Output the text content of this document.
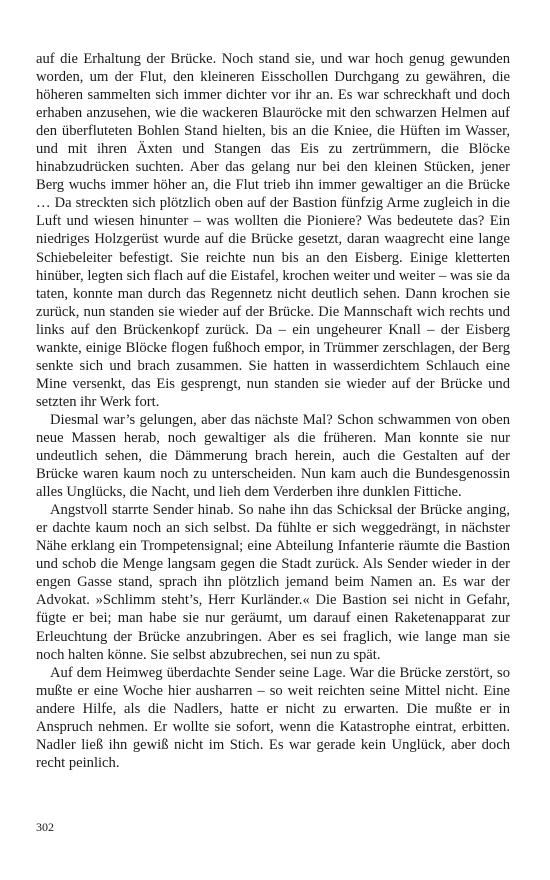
auf die Erhaltung der Brücke. Noch stand sie, und war hoch genug gewunden worden, um der Flut, den kleineren Eisschollen Durchgang zu gewähren, die höheren sammelten sich immer dichter vor ihr an. Es war schreckhaft und doch erhaben anzusehen, wie die wackeren Blauröcke mit den schwarzen Helmen auf den überfluteten Bohlen Stand hielten, bis an die Kniee, die Hüften im Wasser, und mit ihren Äxten und Stangen das Eis zu zertrümmern, die Blöcke hinabzudrücken suchten. Aber das gelang nur bei den kleinen Stücken, jener Berg wuchs immer höher an, die Flut trieb ihn immer gewaltiger an die Brücke … Da streckten sich plötzlich oben auf der Bastion fünfzig Arme zugleich in die Luft und wiesen hinunter – was wollten die Pioniere? Was bedeutete das? Ein niedriges Holzgerüst wurde auf die Brücke gesetzt, daran waagrecht eine lange Schiebeleiter befestigt. Sie reichte nun bis an den Eisberg. Einige kletterten hinüber, legten sich flach auf die Eistafel, krochen weiter und weiter – was sie da taten, konnte man durch das Regennetz nicht deutlich sehen. Dann krochen sie zurück, nun standen sie wieder auf der Brücke. Die Mannschaft wich rechts und links auf den Brückenkopf zurück. Da – ein ungeheurer Knall – der Eisberg wankte, einige Blöcke flogen fußhoch empor, in Trümmer zerschlagen, der Berg senkte sich und brach zusammen. Sie hatten in wasserdichtem Schlauch eine Mine versenkt, das Eis gesprengt, nun standen sie wieder auf der Brücke und setzten ihr Werk fort.

Diesmal war’s gelungen, aber das nächste Mal? Schon schwammen von oben neue Massen herab, noch gewaltiger als die früheren. Man konnte sie nur undeutlich sehen, die Dämmerung brach herein, auch die Gestalten auf der Brücke waren kaum noch zu unterscheiden. Nun kam auch die Bundesgenossin alles Unglücks, die Nacht, und lieh dem Verderben ihre dunklen Fittiche.

Angstvoll starrte Sender hinab. So nahe ihn das Schicksal der Brücke anging, er dachte kaum noch an sich selbst. Da fühlte er sich weggedrängt, in nächster Nähe erklang ein Trompetensignal; eine Abteilung Infanterie räumte die Bastion und schob die Menge langsam gegen die Stadt zurück. Als Sender wieder in der engen Gasse stand, sprach ihn plötzlich jemand beim Namen an. Es war der Advokat. »Schlimm steht’s, Herr Kurländer.« Die Bastion sei nicht in Gefahr, fügte er bei; man habe sie nur geräumt, um darauf einen Raketenapparat zur Erleuchtung der Brücke anzubringen. Aber es sei fraglich, wie lange man sie noch halten könne. Sie selbst abzubrechen, sei nun zu spät.

Auf dem Heimweg überdachte Sender seine Lage. War die Brücke zerstört, so mußte er eine Woche hier ausharren – so weit reichten seine Mittel nicht. Eine andere Hilfe, als die Nadlers, hatte er nicht zu erwarten. Die mußte er in Anspruch nehmen. Er wollte sie sofort, wenn die Katastrophe eintrat, erbitten. Nadler ließ ihn gewiß nicht im Stich. Es war gerade kein Unglück, aber doch recht peinlich.

302
